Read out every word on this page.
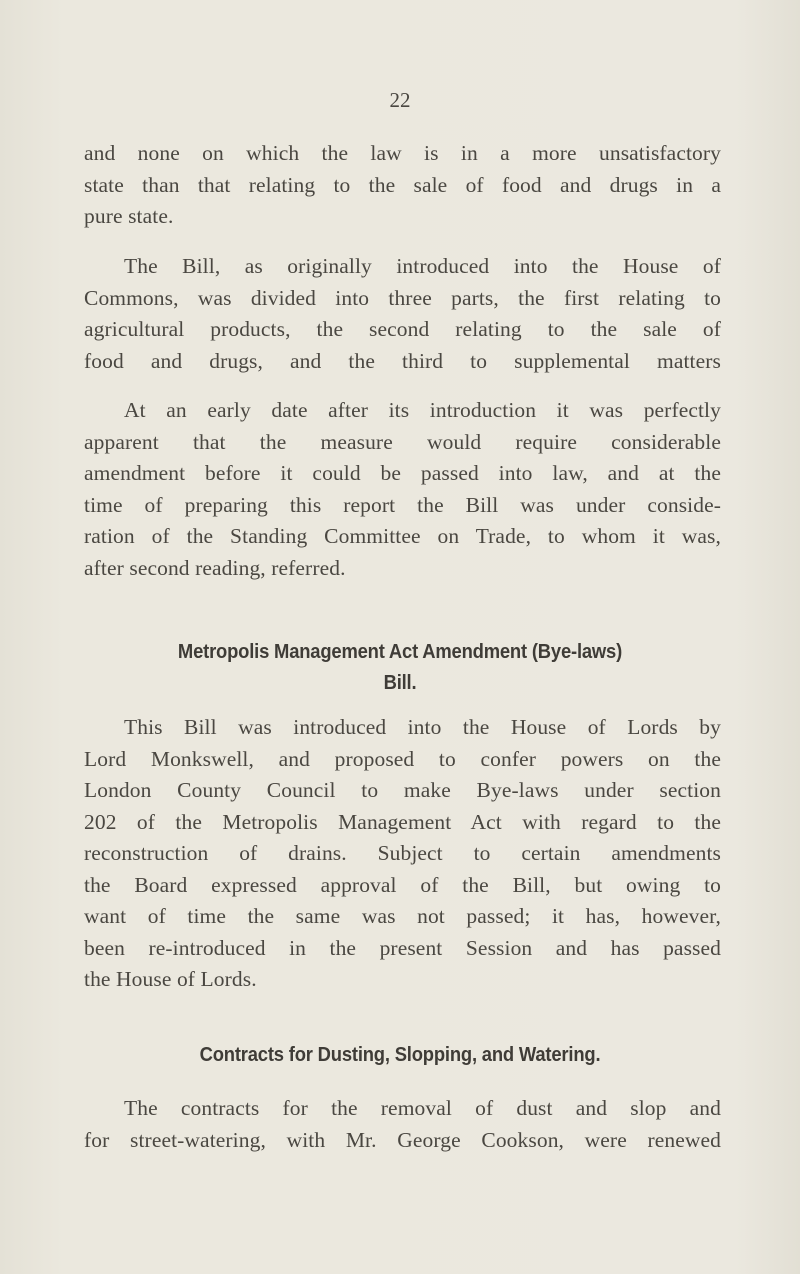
22
and none on which the law is in a more unsatisfactory
state than that relating to the sale of food and drugs in a
pure state.
The Bill, as originally introduced into the House of
Commons, was divided into three parts, the first relating to
agricultural products, the second relating to the sale of
food and drugs, and the third to supplemental matters
At an early date after its introduction it was perfectly
apparent that the measure would require considerable
amendment before it could be passed into law, and at the
time of preparing this report the Bill was under conside-
ration of the Standing Committee on Trade, to whom it was,
after second reading, referred.
Metropolis Management Act Amendment (Bye-laws)
Bill.
This Bill was introduced into the House of Lords by
Lord Monkswell, and proposed to confer powers on the
London County Council to make Bye-laws under section
202 of the Metropolis Management Act with regard to the
reconstruction of drains. Subject to certain amendments
the Board expressed approval of the Bill, but owing to
want of time the same was not passed; it has, however,
been re-introduced in the present Session and has passed
the House of Lords.
Contracts for Dusting, Slopping, and Watering.
The contracts for the removal of dust and slop and
for street-watering, with Mr. George Cookson, were renewed
